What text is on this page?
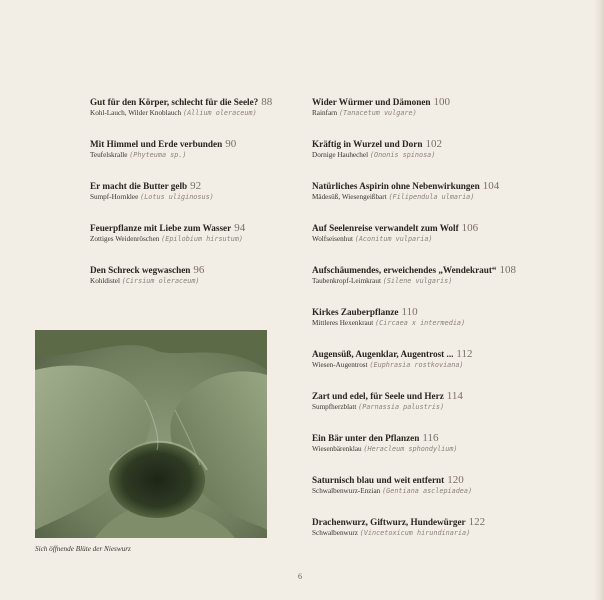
Gut für den Körper, schlecht für die Seele? 88
Kohl-Lauch, Wilder Knoblauch (Allium oleraceum)
Mit Himmel und Erde verbunden 90
Teufelskralle (Phyteuma sp.)
Er macht die Butter gelb 92
Sumpf-Hornklee (Lotus uliginosus)
Feuerpflanze mit Liebe zum Wasser 94
Zottiges Weidenröschen (Epilobium hirsutum)
Den Schreck wegwaschen 96
Kohldistel (Cirsium oleraceum)
Wider Würmer und Dämonen 100
Rainfarn (Tanacetum vulgare)
Kräftig in Wurzel und Dorn 102
Dornige Hauhechel (Ononis spinosa)
Natürliches Aspirin ohne Nebenwirkungen 104
Mädesüß, Wiesengeißbart (Filipendula ulmaria)
Auf Seelenreise verwandelt zum Wolf 106
Wolfseisenhut (Aconitum vulparia)
Aufschäumendes, erweichendes „Wendekraut“ 108
Taubenkropf-Leimkraut (Silene vulgaris)
Kirkes Zauberpflanze 110
Mittleres Hexenkraut (Circaea x intermedia)
Augensüß, Augenklar, Augentrost ... 112
Wiesen-Augentrost (Euphrasia rostkoviana)
Zart und edel, für Seele und Herz 114
Sumpfherzblatt (Parnassia palustris)
Ein Bär unter den Pflanzen 116
Wiesenbärenklau (Heracleum sphondylium)
Saturnisch blau und weit entfernt 120
Schwalbenwurz-Enzian (Gentiana asclepiadea)
Drachenwurz, Giftwurz, Hundewürger 122
Schwalbenwurz (Vincetoxicum hirundinaria)
Sich öffnende Blüte der Nieswurz
6
